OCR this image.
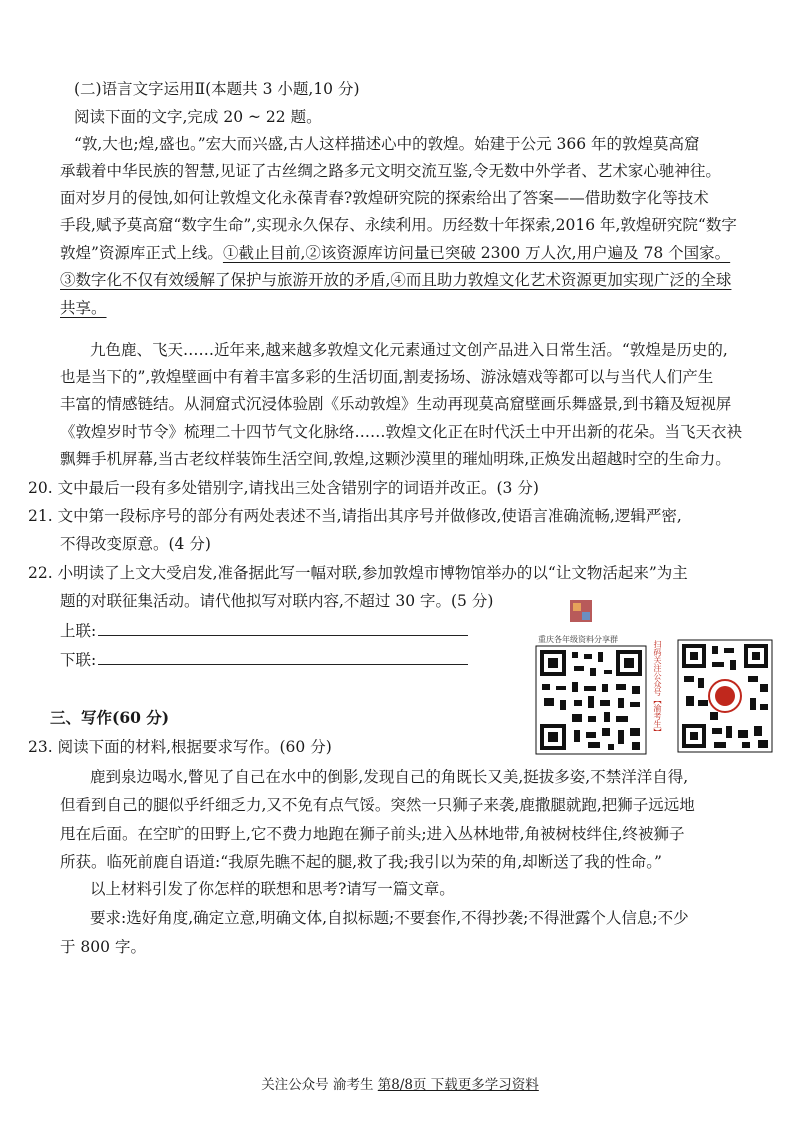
(二)语言文字运用Ⅱ(本题共 3 小题,10 分)
阅读下面的文字,完成 20 ~ 22 题。
“敦,大也;煌,盛也。”宏大而兴盛,古人这样描述心中的敦煌。始建于公元 366 年的敦煌莫高窟
承载着中华民族的智慧,见证了古丝绸之路多元文明交流互鉴,令无数中外学者、艺术家心驰神往。
面对岁月的侵蚀,如何让敦煌文化永葆青春?敦煌研究院的探索给出了答案——借助数字化等技术
手段,赋予莫高窟“数字生命”,实现永久保存、永续利用。历经数十年探索,2016 年,敦煌研究院“数字
敦煌”资源库正式上线。①截止目前,②该资源库访问量已突破 2300 万人次,用户遍及 78 个国家。
③数字化不仅有效缓解了保护与旅游开放的矛盾,④而且助力敦煌文化艺术资源更加实现广泛的全球
共享。
九色鹿、飞天……近年来,越来越多敦煌文化元素通过文创产品进入日常生活。“敦煌是历史的,
也是当下的”,敦煌壁画中有着丰富多彩的生活切面,割麦扬场、游泳嬉戏等都可以与当代人们产生
丰富的情感链结。从洞窟式沉浸体验剧《乐动敦煌》生动再现莫高窟壁画乐舞盛景,到书籍及短视屏
《敦煌岁时节令》梳理二十四节气文化脉络……敦煌文化正在时代沃土中开出新的花朵。当飞天衣袂
飘舞手机屏幕,当古老纹样装饰生活空间,敦煌,这颗沙漠里的璀灿明珠,正焕发出超越时空的生命力。
20. 文中最后一段有多处错别字,请找出三处含错别字的词语并改正。(3 分)
21. 文中第一段标序号的部分有两处表述不当,请指出其序号并做修改,使语言准确流畅,逻辑严密,
不得改变原意。(4 分)
22. 小明读了上文大受启发,准备据此写一幅对联,参加敦煌市博物馆举办的以“让文物活起来”为主
题的对联征集活动。请代他拟写对联内容,不超过 30 字。(5 分)
上联:
下联:
重庆各年级资料分享群
扫码关注公众号【渝考生】
三、写作(60 分)
23. 阅读下面的材料,根据要求写作。(60 分)
鹿到泉边喝水,瞥见了自己在水中的倒影,发现自己的角既长又美,挺拔多姿,不禁洋洋自得,
但看到自己的腿似乎纤细乏力,又不免有点气馁。突然一只狮子来袭,鹿撒腿就跑,把狮子远远地
甩在后面。在空旷的田野上,它不费力地跑在狮子前头;进入丛林地带,角被树枝绊住,终被狮子
所获。临死前鹿自语道:“我原先瞧不起的腿,救了我;我引以为荣的角,却断送了我的性命。”
以上材料引发了你怎样的联想和思考?请写一篇文章。
要求:选好角度,确定立意,明确文体,自拟标题;不要套作,不得抄袭;不得泄露个人信息;不少
于 800 字。
关注公众号 渝考生 第8/8页 下载更多学习资料
